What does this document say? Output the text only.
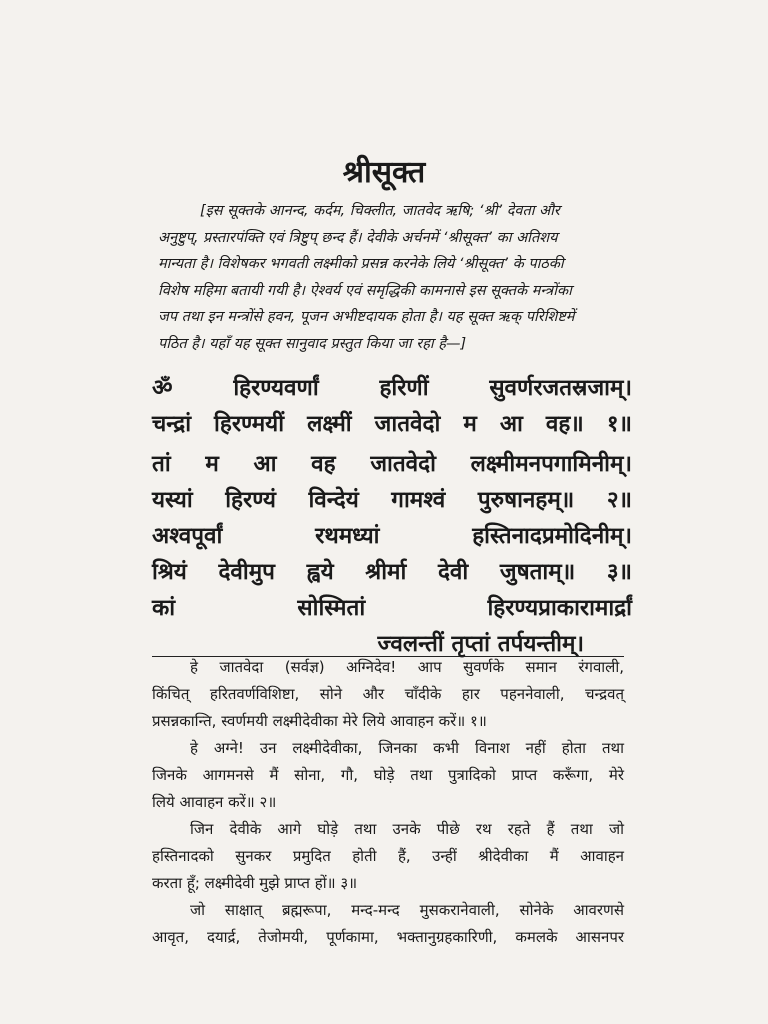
श्रीसूक्त

[इस सूक्तके आनन्द, कर्दम, चिक्लीत, जातवेद ऋषि; ‘श्री’ देवता और
अनुष्टुप्, प्रस्तारपंक्ति एवं त्रिष्टुप् छन्द हैं। देवीके अर्चनमें ‘श्रीसूक्त’ का अतिशय
मान्यता है। विशेषकर भगवती लक्ष्मीको प्रसन्न करनेके लिये ‘श्रीसूक्त’ के पाठकी
विशेष महिमा बतायी गयी है। ऐश्वर्य एवं समृद्धिकी कामनासे इस सूक्तके मन्त्रोंका
जप तथा इन मन्त्रोंसे हवन, पूजन अभीष्टदायक होता है। यह सूक्त ऋक् परिशिष्टमें
पठित है। यहाँ यह सूक्त सानुवाद प्रस्तुत किया जा रहा है—]

ॐ हिरण्यवर्णां हरिणीं सुवर्णरजतस्रजाम्।
चन्द्रां हिरण्मयीं लक्ष्मीं जातवेदो म आ वह॥ १॥
तां म आ वह जातवेदो लक्ष्मीमनपगामिनीम्।
यस्यां हिरण्यं विन्देयं गामश्वं पुरुषानहम्॥ २॥
अश्वपूर्वां रथमध्यां हस्तिनादप्रमोदिनीम्।
श्रियं देवीमुप ह्वये श्रीर्मा देवी जुषताम्॥ ३॥
कां सोस्मितां हिरण्यप्राकारामार्द्रां
ज्वलन्तीं तृप्तां तर्पयन्तीम्।
हे जातवेदा (सर्वज्ञ) अग्निदेव! आप सुवर्णके समान रंगवाली,
किंचित् हरितवर्णविशिष्टा, सोने और चाँदीके हार पहननेवाली, चन्द्रवत्
प्रसन्नकान्ति, स्वर्णमयी लक्ष्मीदेवीका मेरे लिये आवाहन करें॥ १॥
हे अग्ने! उन लक्ष्मीदेवीका, जिनका कभी विनाश नहीं होता तथा
जिनके आगमनसे मैं सोना, गौ, घोड़े तथा पुत्रादिको प्राप्त करूँगा, मेरे
लिये आवाहन करें॥ २॥
जिन देवीके आगे घोड़े तथा उनके पीछे रथ रहते हैं तथा जो
हस्तिनादको सुनकर प्रमुदित होती हैं, उन्हीं श्रीदेवीका मैं आवाहन
करता हूँ; लक्ष्मीदेवी मुझे प्राप्त हों॥ ३॥
जो साक्षात् ब्रह्मरूपा, मन्द-मन्द मुसकरानेवाली, सोनेके आवरणसे
आवृत, दयार्द्र, तेजोमयी, पूर्णकामा, भक्तानुग्रहकारिणी, कमलके आसनपर
